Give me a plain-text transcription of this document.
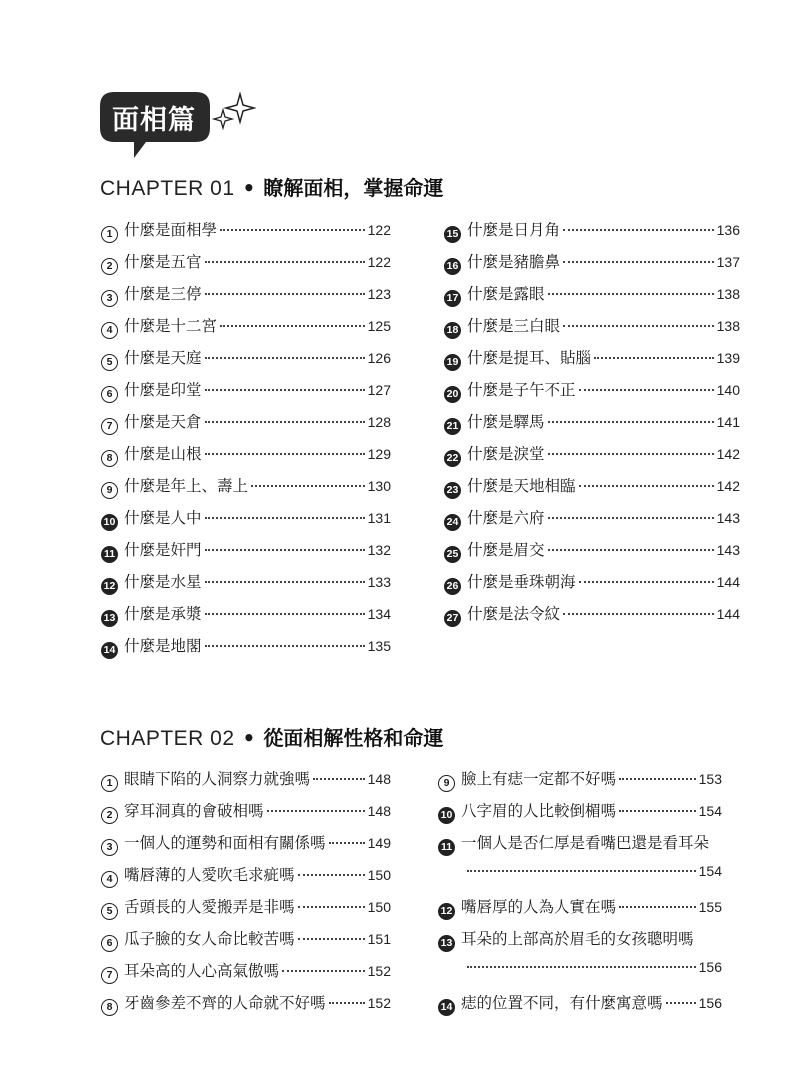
面相篇
CHAPTER 01 • 瞭解面相，掌握命運
1 什麼是面相學	122
2 什麼是五官	122
3 什麼是三停	123
4 什麼是十二宮	125
5 什麼是天庭	126
6 什麼是印堂	127
7 什麼是天倉	128
8 什麼是山根	129
9 什麼是年上、壽上	130
10 什麼是人中	131
11 什麼是奸門	132
12 什麼是水星	133
13 什麼是承漿	134
14 什麼是地閣	135
15 什麼是日月角	136
16 什麼是豬膽鼻	137
17 什麼是露眼	138
18 什麼是三白眼	138
19 什麼是提耳、貼腦	139
20 什麼是子午不正	140
21 什麼是驛馬	141
22 什麼是淚堂	142
23 什麼是天地相臨	142
24 什麼是六府	143
25 什麼是眉交	143
26 什麼是垂珠朝海	144
27 什麼是法令紋	144
CHAPTER 02 • 從面相解性格和命運
1 眼睛下陷的人洞察力就強嗎	148
2 穿耳洞真的會破相嗎	148
3 一個人的運勢和面相有關係嗎	149
4 嘴唇薄的人愛吹毛求疵嗎	150
5 舌頭長的人愛搬弄是非嗎	150
6 瓜子臉的女人命比較苦嗎	151
7 耳朵高的人心高氣傲嗎	152
8 牙齒參差不齊的人命就不好嗎	152
9 臉上有痣一定都不好嗎	153
10 八字眉的人比較倒楣嗎	154
11 一個人是否仁厚是看嘴巴還是看耳朵
154
12 嘴唇厚的人為人實在嗎	155
13 耳朵的上部高於眉毛的女孩聰明嗎
156
14 痣的位置不同，有什麼寓意嗎	156
